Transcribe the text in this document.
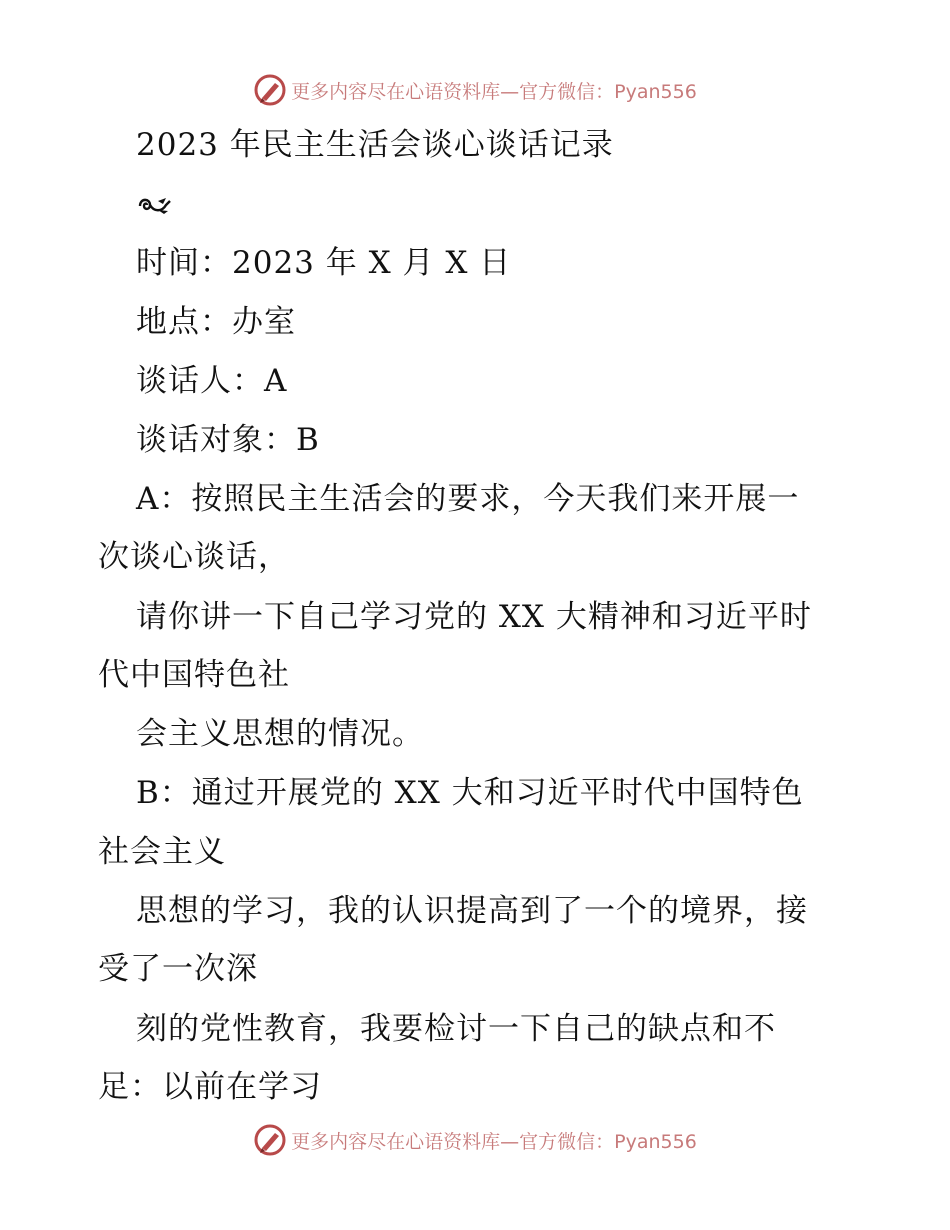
更多内容尽在心语资料库—官方微信：Pyan556
2023 年民主生活会谈心谈话记录
时间：2023 年 X 月 X 日
地点：办室
谈话人：A
谈话对象：B
A：按照民主生活会的要求，今天我们来开展一
次谈心谈话，
请你讲一下自己学习党的 XX 大精神和习近平时
代中国特色社
会主义思想的情况。
B：通过开展党的 XX 大和习近平时代中国特色
社会主义
思想的学习，我的认识提高到了一个的境界，接
受了一次深
刻的党性教育，我要检讨一下自己的缺点和不
足：以前在学习
更多内容尽在心语资料库—官方微信：Pyan556
